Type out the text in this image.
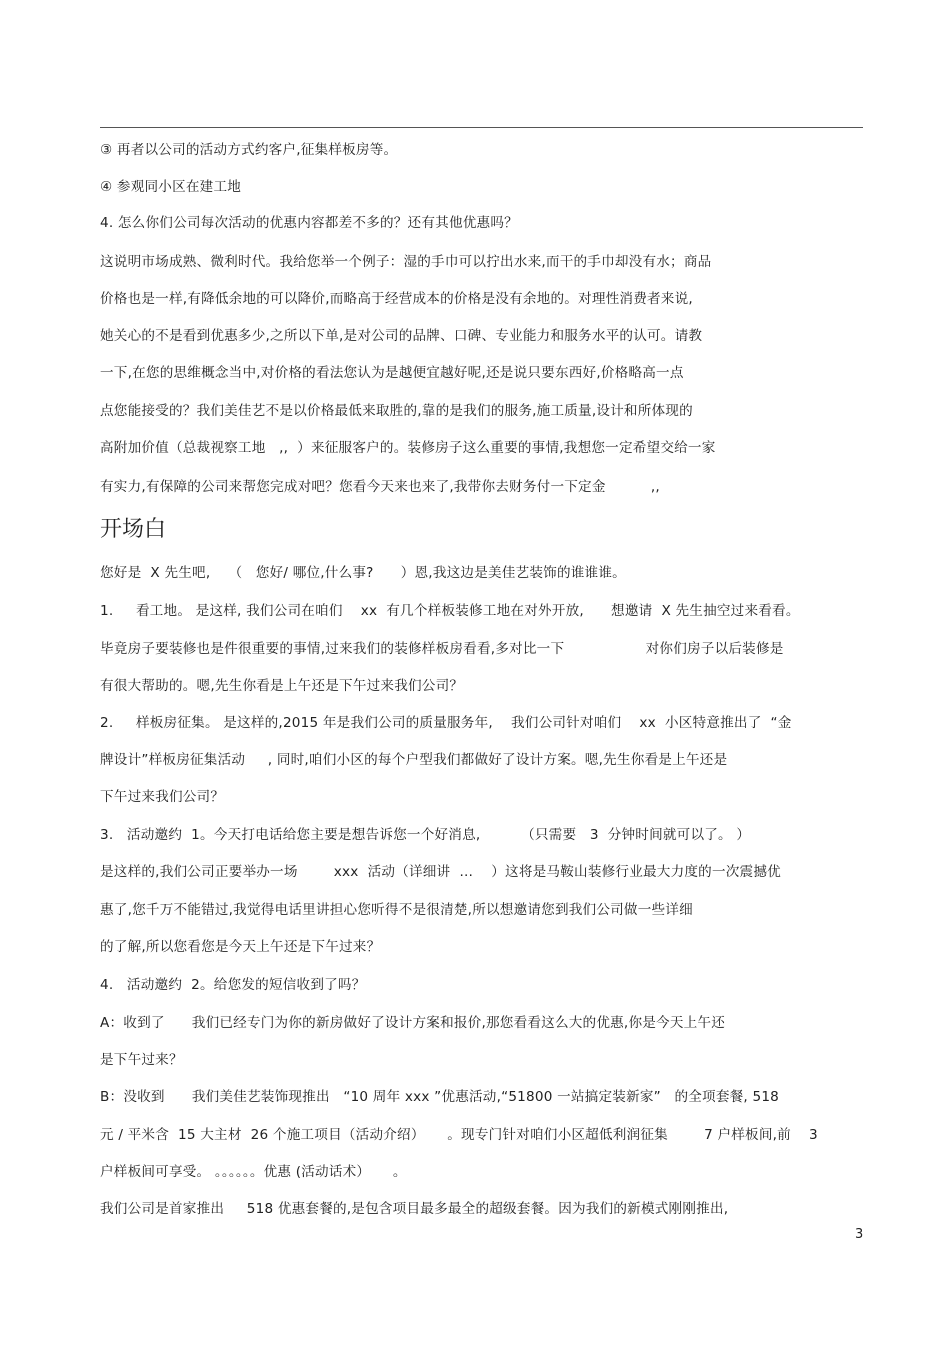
③ 再者以公司的活动方式约客户,征集样板房等。
④ 参观同小区在建工地
4. 怎么你们公司每次活动的优惠内容都差不多的？还有其他优惠吗？
这说明市场成熟、微利时代。我给您举一个例子：湿的手巾可以拧出水来,而干的手巾却没有水；商品
价格也是一样,有降低余地的可以降价,而略高于经营成本的价格是没有余地的。对理性消费者来说,
她关心的不是看到优惠多少,之所以下单,是对公司的品牌、口碑、专业能力和服务水平的认可。请教
一下,在您的思维概念当中,对价格的看法您认为是越便宜越好呢,还是说只要东西好,价格略高一点
点您能接受的？我们美佳艺不是以价格最低来取胜的,靠的是我们的服务,施工质量,设计和所体现的
高附加价值（总裁视察工地   ,,  ）来征服客户的。装修房子这么重要的事情,我想您一定希望交给一家
有实力,有保障的公司来帮您完成对吧？您看今天来也来了,我带你去财务付一下定金          ,,
开场白
您好是  X 先生吧,    （   您好/ 哪位,什么事?      ）恩,我这边是美佳艺装饰的谁谁谁。
1.     看工地。 是这样, 我们公司在咱们    xx  有几个样板装修工地在对外开放,      想邀请  X 先生抽空过来看看。
毕竟房子要装修也是件很重要的事情,过来我们的装修样板房看看,多对比一下                  对你们房子以后装修是
有很大帮助的。嗯,先生你看是上午还是下午过来我们公司？
2.     样板房征集。 是这样的,2015 年是我们公司的质量服务年,    我们公司针对咱们    xx  小区特意推出了  “金
牌设计”样板房征集活动     , 同时,咱们小区的每个户型我们都做好了设计方案。嗯,先生你看是上午还是
下午过来我们公司？
3.   活动邀约  1。今天打电话给您主要是想告诉您一个好消息,         （只需要   3  分钟时间就可以了。 ）
是这样的,我们公司正要举办一场        xxx  活动（详细讲  …    ）这将是马鞍山装修行业最大力度的一次震撼优
惠了,您千万不能错过,我觉得电话里讲担心您听得不是很清楚,所以想邀请您到我们公司做一些详细
的了解,所以您看您是今天上午还是下午过来？
4.   活动邀约  2。给您发的短信收到了吗？
A：收到了      我们已经专门为你的新房做好了设计方案和报价,那您看看这么大的优惠,你是今天上午还
是下午过来？
B：没收到      我们美佳艺装饰现推出   “10 周年 xxx ”优惠活动,“51800 一站搞定装新家”   的全项套餐, 518
元 / 平米含  15 大主材  26 个施工项目（活动介绍）     。现专门针对咱们小区超低利润征集        7 户样板间,前    3
户样板间可享受。 。。。。。。优惠 (活动话术）     。
我们公司是首家推出     518 优惠套餐的,是包含项目最多最全的超级套餐。因为我们的新模式刚刚推出,
3
